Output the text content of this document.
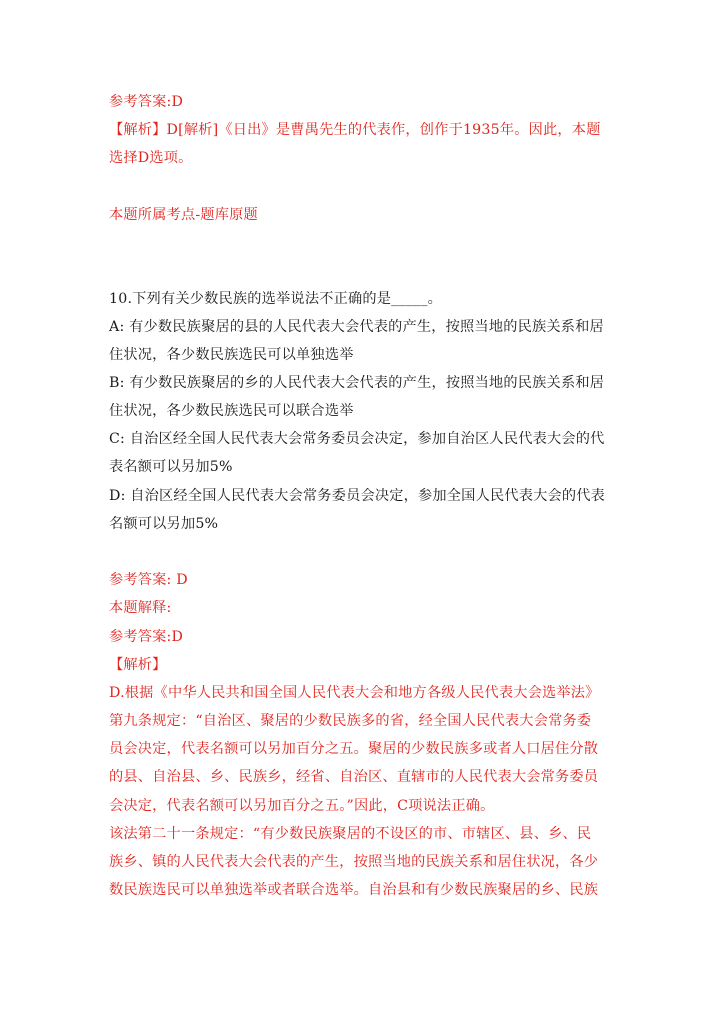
参考答案:D
【解析】D[解析]《日出》是曹禺先生的代表作，创作于1935年。因此，本题
选择D选项。
本题所属考点-题库原题
10.下列有关少数民族的选举说法不正确的是_____。
A: 有少数民族聚居的县的人民代表大会代表的产生，按照当地的民族关系和居
住状况，各少数民族选民可以单独选举
B: 有少数民族聚居的乡的人民代表大会代表的产生，按照当地的民族关系和居
住状况，各少数民族选民可以联合选举
C: 自治区经全国人民代表大会常务委员会决定，参加自治区人民代表大会的代
表名额可以另加5%
D: 自治区经全国人民代表大会常务委员会决定，参加全国人民代表大会的代表
名额可以另加5%
参考答案: D
本题解释:
参考答案:D
【解析】
D.根据《中华人民共和国全国人民代表大会和地方各级人民代表大会选举法》
第九条规定：“自治区、聚居的少数民族多的省，经全国人民代表大会常务委
员会决定，代表名额可以另加百分之五。聚居的少数民族多或者人口居住分散
的县、自治县、乡、民族乡，经省、自治区、直辖市的人民代表大会常务委员
会决定，代表名额可以另加百分之五。”因此，C项说法正确。
该法第二十一条规定：“有少数民族聚居的不设区的市、市辖区、县、乡、民
族乡、镇的人民代表大会代表的产生，按照当地的民族关系和居住状况，各少
数民族选民可以单独选举或者联合选举。自治县和有少数民族聚居的乡、民族
